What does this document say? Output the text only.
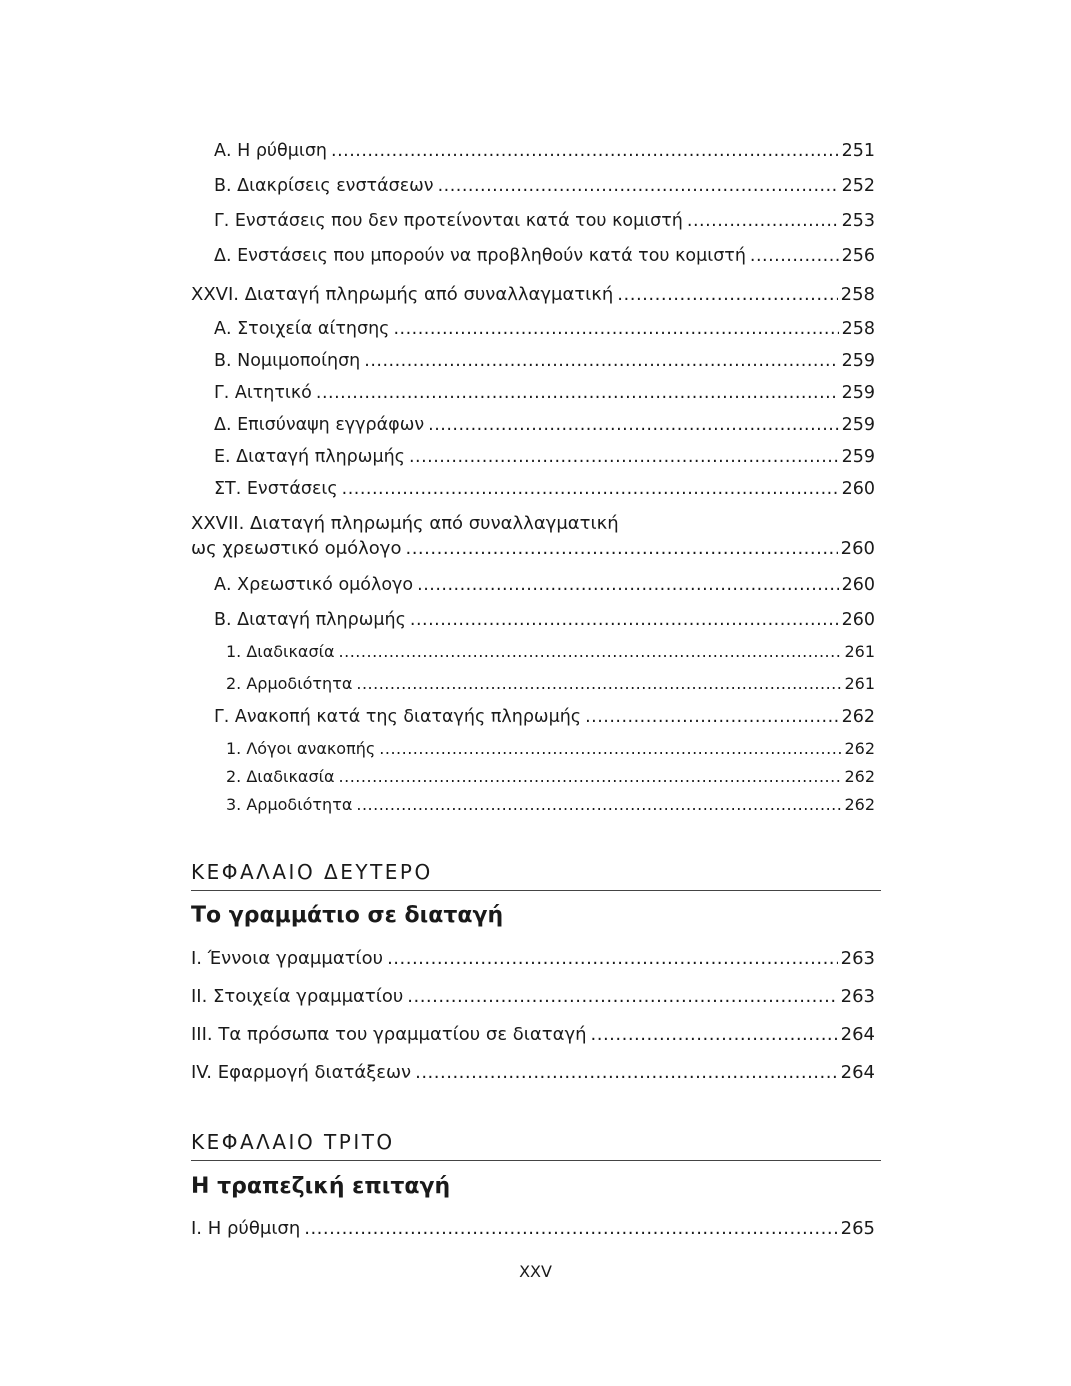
Α. Η ρύθμιση .....	251
Β. Διακρίσεις ενστάσεων .....	252
Γ. Ενστάσεις που δεν προτείνονται κατά του κομιστή .....	253
Δ. Ενστάσεις που μπορούν να προβληθούν κατά του κομιστή .....	256
XXVI. Διαταγή πληρωμής από συναλλαγματική .....	258
Α. Στοιχεία αίτησης .....	258
Β. Νομιμοποίηση .....	259
Γ. Αιτητικό .....	259
Δ. Επισύναψη εγγράφων .....	259
Ε. Διαταγή πληρωμής .....	259
ΣΤ. Ενστάσεις .....	260
XXVII. Διαταγή πληρωμής από συναλλαγματική
ως χρεωστικό ομόλογο .....	260
Α. Χρεωστικό ομόλογο .....	260
Β. Διαταγή πληρωμής .....	260
1. Διαδικασία .....	261
2. Αρμοδιότητα .....	261
Γ. Ανακοπή κατά της διαταγής πληρωμής .....	262
1. Λόγοι ανακοπής .....	262
2. Διαδικασία .....	262
3. Αρμοδιότητα .....	262
I. Έννοια γραμματίου .....	263
II. Στοιχεία γραμματίου .....	263
III. Τα πρόσωπα του γραμματίου σε διαταγή .....	264
IV. Εφαρμογή διατάξεων .....	264
I. Η ρύθμιση .....	265
ΚΕΦΑΛΑΙΟ ΔΕΥΤΕΡΟ
Το γραμμάτιο σε διαταγή
ΚΕΦΑΛΑΙΟ ΤΡΙΤΟ
Η τραπεζική επιταγή
XXV
